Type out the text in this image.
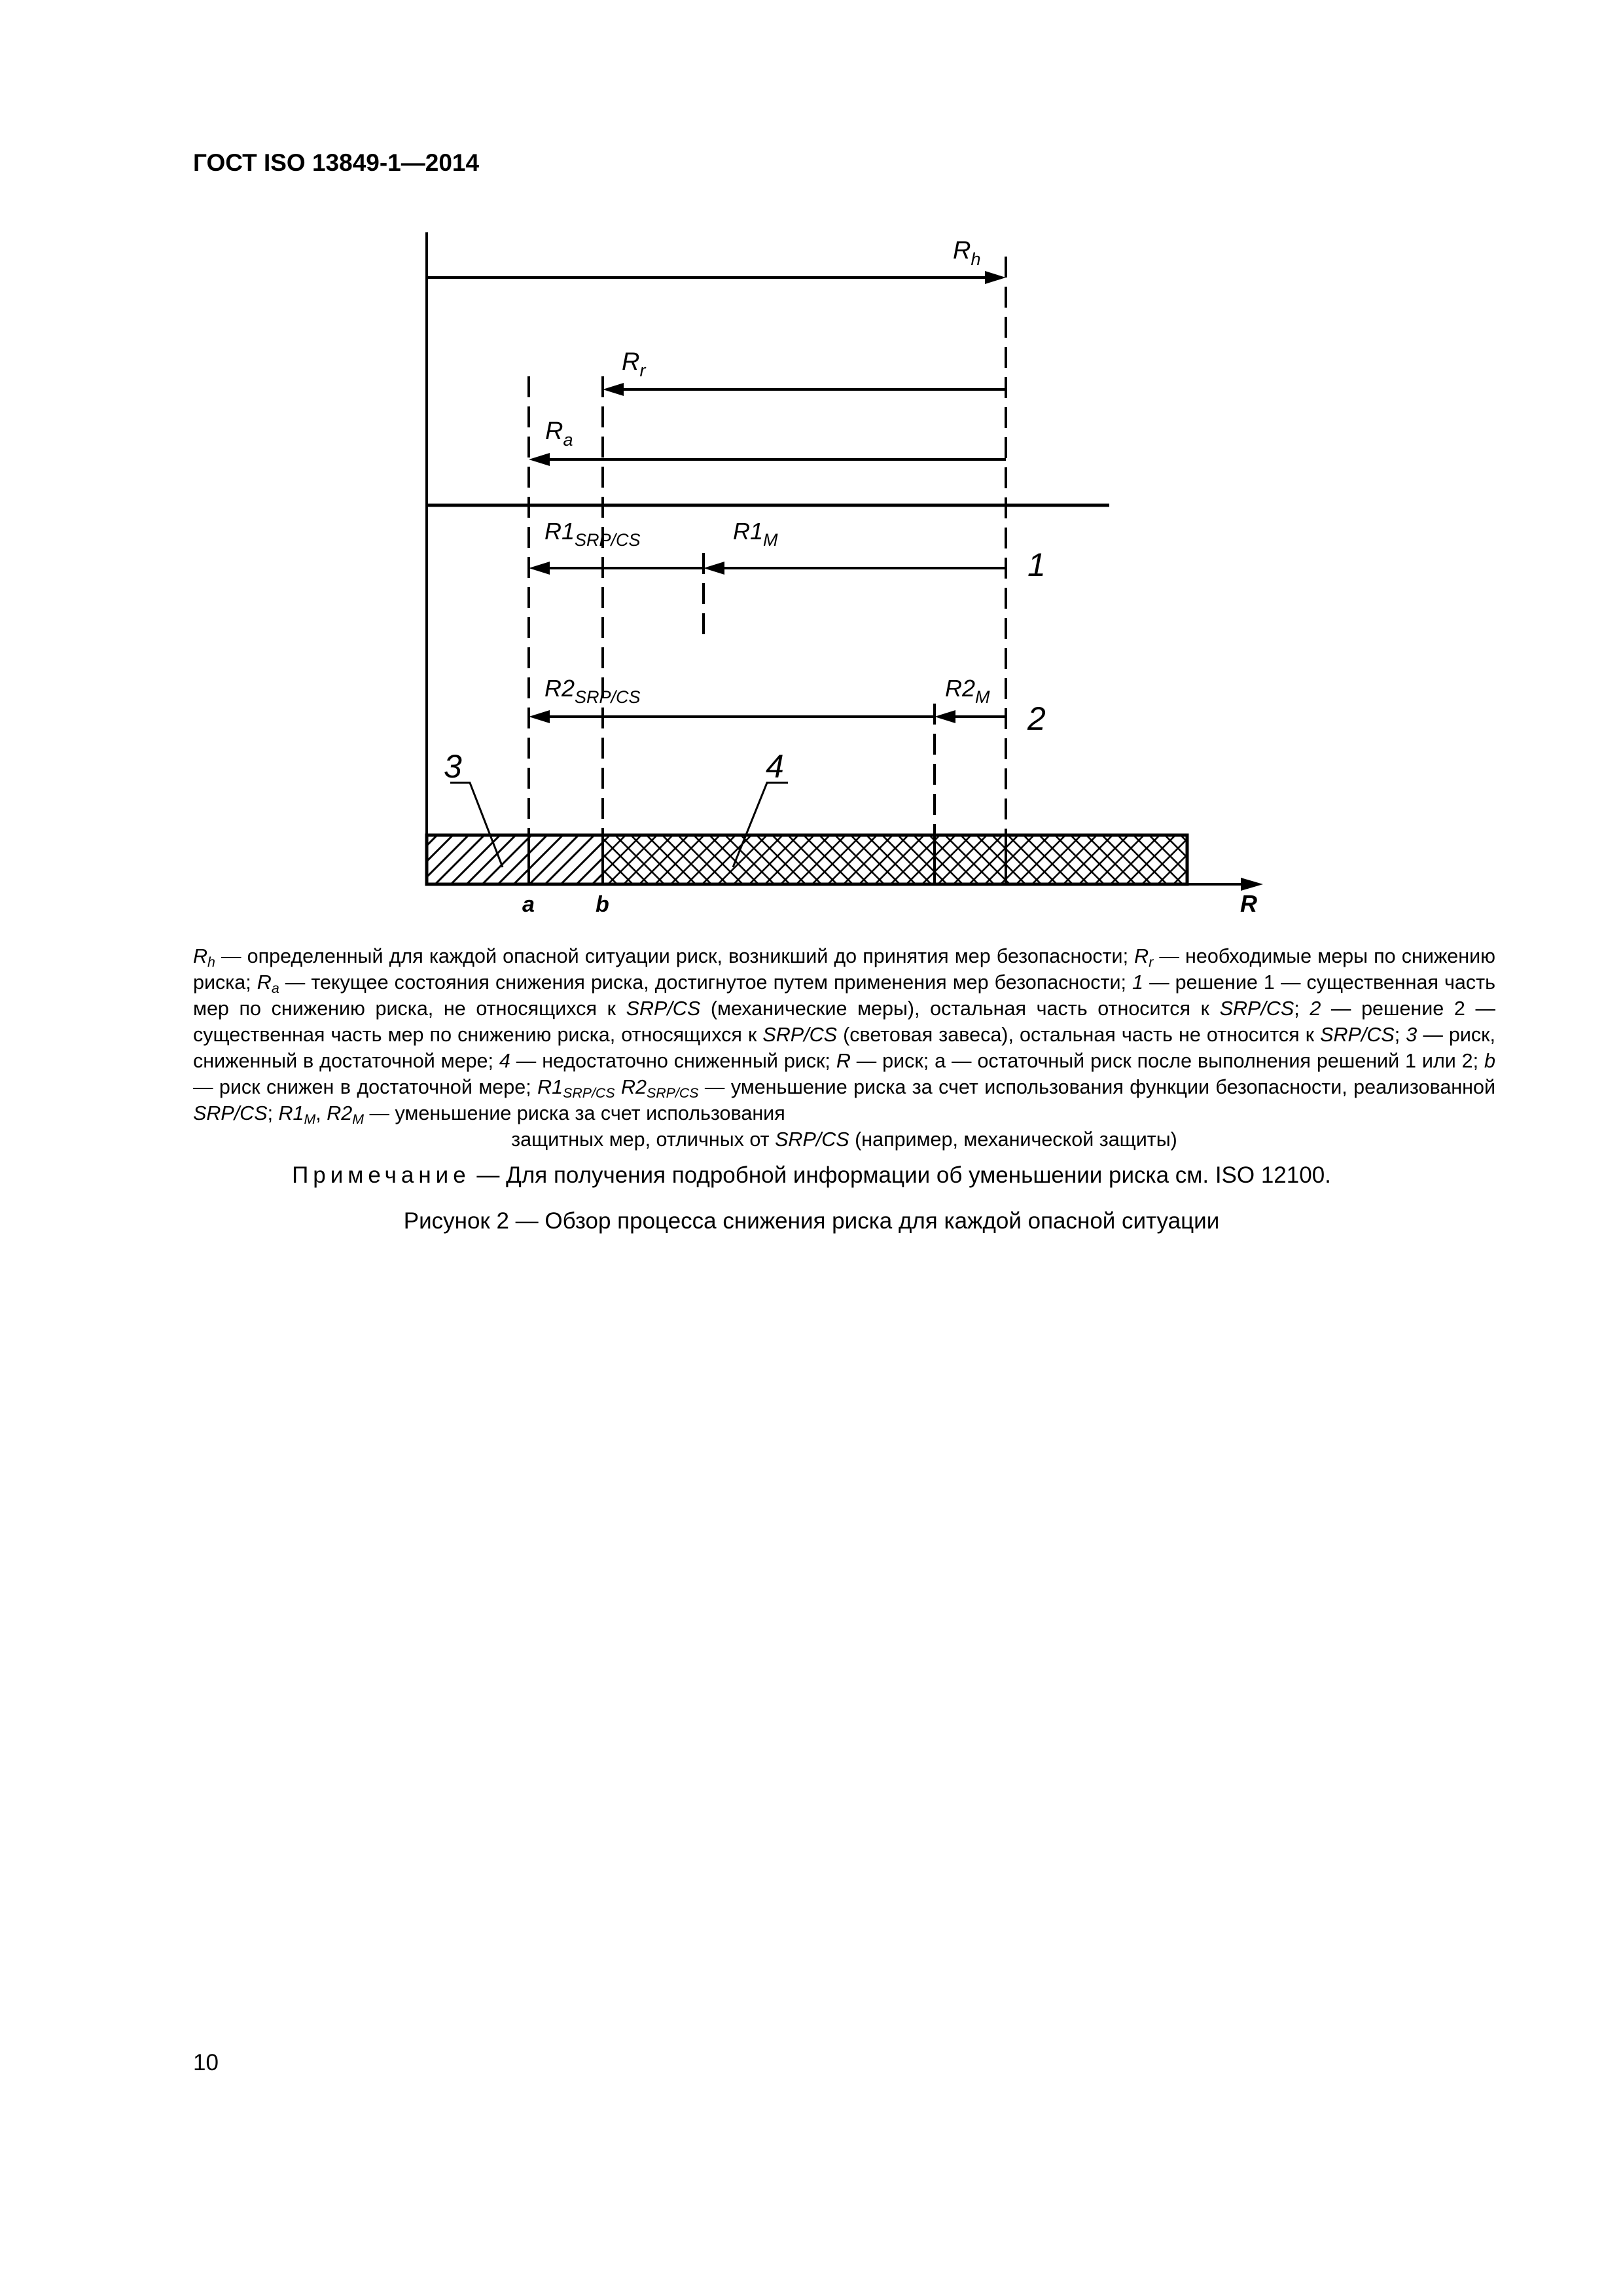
ГОСТ ISO 13849-1—2014
$R_h$
$R_r$
$R_a$
$R1_{SRP/CS}$	$R1_M$
$R2_{SRP/CS}$	$R2_M$
1
2
3	4
a	b	R
$R_h$ — определенный для каждой опасной ситуации риск, возникший до принятия мер безопасности; $R_r$ — необходимые меры по снижению риска; $R_a$ — текущее состояния снижения риска, достигнутое путем применения мер безопасности; 1 — решение 1 — существенная часть мер по снижению риска, не относящихся к SRP/CS (механические меры), остальная часть относится к SRP/CS; 2 — решение 2 — существенная часть мер по снижению риска, относящихся к SRP/CS (световая завеса), остальная часть не относится к SRP/CS; 3 — риск, сниженный в достаточной мере; 4 — недостаточно сниженный риск; R — риск; а — остаточный риск после выполнения решений 1 или 2; b — риск снижен в достаточной мере; $R1_{SRP/CS}$ $R2_{SRP/CS}$ — уменьшение риска за счет использования функции безопасности, реализованной SRP/CS; $R1_M$, $R2_M$ — уменьшение риска за счет использования
защитных мер, отличных от SRP/CS (например, механической защиты)
Примечание — Для получения подробной информации об уменьшении риска см. ISO 12100.
Рисунок 2 — Обзор процесса снижения риска для каждой опасной ситуации
10
